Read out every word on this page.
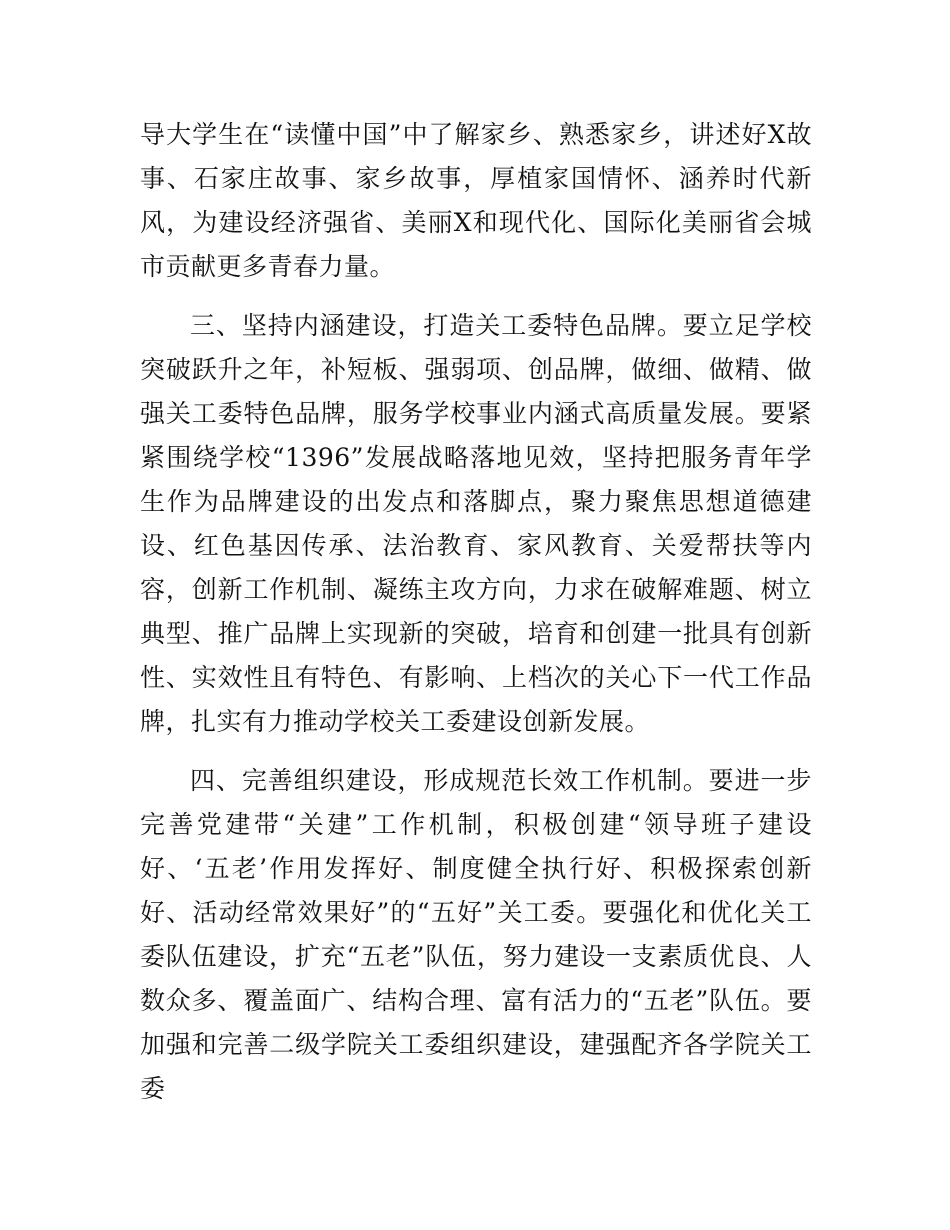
导大学生在“读懂中国”中了解家乡、熟悉家乡，讲述好X故事、石家庄故事、家乡故事，厚植家国情怀、涵养时代新风，为建设经济强省、美丽X和现代化、国际化美丽省会城市贡献更多青春力量。

三、坚持内涵建设，打造关工委特色品牌。要立足学校突破跃升之年，补短板、强弱项、创品牌，做细、做精、做强关工委特色品牌，服务学校事业内涵式高质量发展。要紧紧围绕学校“1396”发展战略落地见效，坚持把服务青年学生作为品牌建设的出发点和落脚点，聚力聚焦思想道德建设、红色基因传承、法治教育、家风教育、关爱帮扶等内容，创新工作机制、凝练主攻方向，力求在破解难题、树立典型、推广品牌上实现新的突破，培育和创建一批具有创新性、实效性且有特色、有影响、上档次的关心下一代工作品牌，扎实有力推动学校关工委建设创新发展。

四、完善组织建设，形成规范长效工作机制。要进一步完善党建带“关建”工作机制，积极创建“领导班子建设好、‘五老’作用发挥好、制度健全执行好、积极探索创新好、活动经常效果好”的“五好”关工委。要强化和优化关工委队伍建设，扩充“五老”队伍，努力建设一支素质优良、人数众多、覆盖面广、结构合理、富有活力的“五老”队伍。要加强和完善二级学院关工委组织建设，建强配齐各学院关工委
